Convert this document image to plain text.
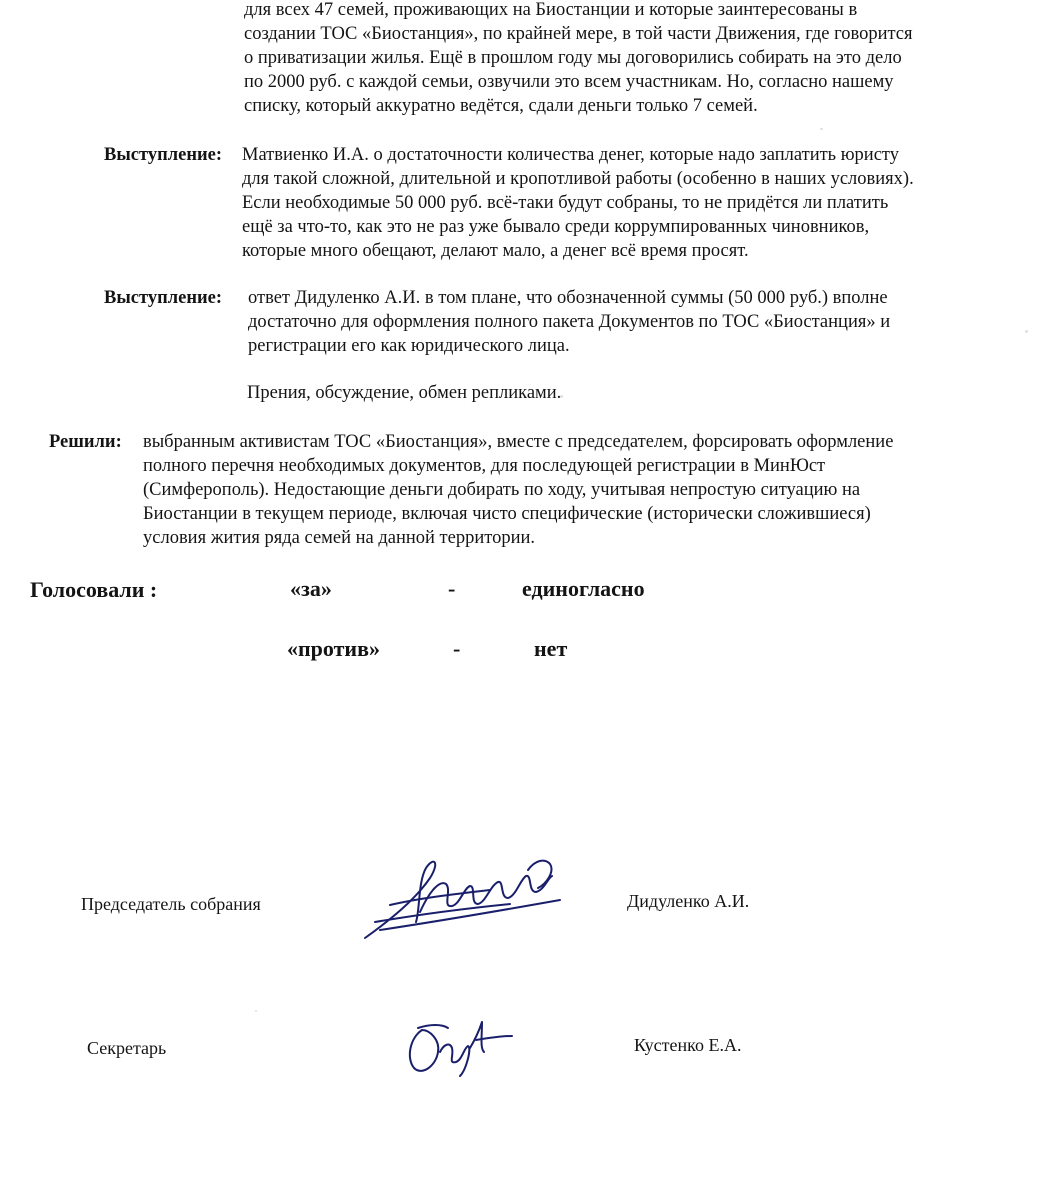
для всех 47 семей, проживающих на Биостанции и которые заинтересованы в
создании ТОС «Биостанция», по крайней мере, в той части Движения, где говорится
о приватизации жилья. Ещё в прошлом году мы договорились собирать на это дело
по 2000 руб. с каждой семьи, озвучили это всем участникам. Но, согласно нашему
списку, который аккуратно ведётся, сдали деньги только 7 семей.
Выступление: Матвиенко И.А. о достаточности количества денег, которые надо заплатить юристу
для такой сложной, длительной и кропотливой работы (особенно в наших условиях).
Если необходимые 50 000 руб. всё-таки будут собраны, то не придётся ли платить
ещё за что-то, как это не раз уже бывало среди коррумпированных чиновников,
которые много обещают, делают мало, а денег всё время просят.
Выступление: ответ Дидуленко А.И. в том плане, что обозначенной суммы (50 000 руб.) вполне
достаточно для оформления полного пакета Документов по ТОС «Биостанция» и
регистрации его как юридического лица.
Прения, обсуждение, обмен репликами.
Решили: выбранным активистам ТОС «Биостанция», вместе с председателем, форсировать оформление
полного перечня необходимых документов, для последующей регистрации в МинЮст
(Симферополь). Недостающие деньги добирать по ходу, учитывая непростую ситуацию на
Биостанции в текущем периоде, включая чисто специфические (исторически сложившиеся)
условия жития ряда семей на данной территории.
Голосовали :	«за»	-	единогласно
«против»	-	нет
Председатель собрания	Дидуленко А.И.
Секретарь	Кустенко Е.А.
